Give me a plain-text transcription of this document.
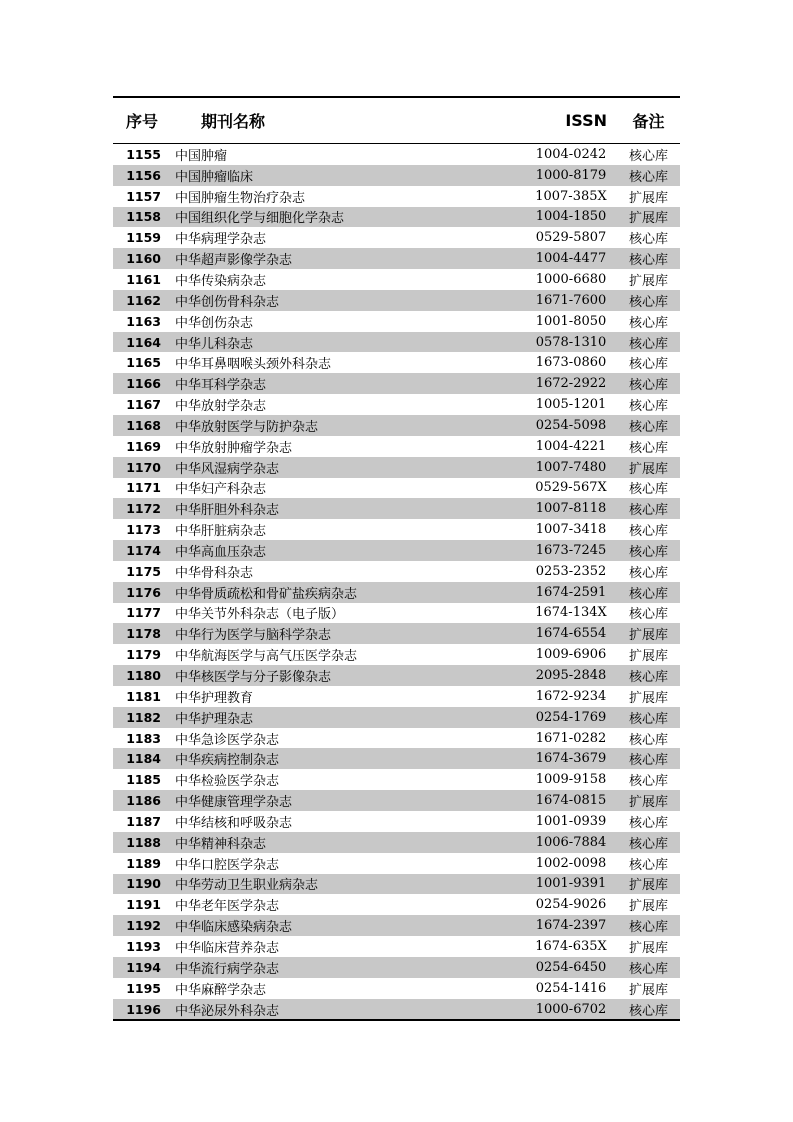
序号	期刊名称	ISSN	备注
1155	中国肿瘤	1004-0242	核心库
1156	中国肿瘤临床	1000-8179	核心库
1157	中国肿瘤生物治疗杂志	1007-385X	扩展库
1158	中国组织化学与细胞化学杂志	1004-1850	扩展库
1159	中华病理学杂志	0529-5807	核心库
1160	中华超声影像学杂志	1004-4477	核心库
1161	中华传染病杂志	1000-6680	扩展库
1162	中华创伤骨科杂志	1671-7600	核心库
1163	中华创伤杂志	1001-8050	核心库
1164	中华儿科杂志	0578-1310	核心库
1165	中华耳鼻咽喉头颈外科杂志	1673-0860	核心库
1166	中华耳科学杂志	1672-2922	核心库
1167	中华放射学杂志	1005-1201	核心库
1168	中华放射医学与防护杂志	0254-5098	核心库
1169	中华放射肿瘤学杂志	1004-4221	核心库
1170	中华风湿病学杂志	1007-7480	扩展库
1171	中华妇产科杂志	0529-567X	核心库
1172	中华肝胆外科杂志	1007-8118	核心库
1173	中华肝脏病杂志	1007-3418	核心库
1174	中华高血压杂志	1673-7245	核心库
1175	中华骨科杂志	0253-2352	核心库
1176	中华骨质疏松和骨矿盐疾病杂志	1674-2591	核心库
1177	中华关节外科杂志（电子版）	1674-134X	核心库
1178	中华行为医学与脑科学杂志	1674-6554	扩展库
1179	中华航海医学与高气压医学杂志	1009-6906	扩展库
1180	中华核医学与分子影像杂志	2095-2848	核心库
1181	中华护理教育	1672-9234	扩展库
1182	中华护理杂志	0254-1769	核心库
1183	中华急诊医学杂志	1671-0282	核心库
1184	中华疾病控制杂志	1674-3679	核心库
1185	中华检验医学杂志	1009-9158	核心库
1186	中华健康管理学杂志	1674-0815	扩展库
1187	中华结核和呼吸杂志	1001-0939	核心库
1188	中华精神科杂志	1006-7884	核心库
1189	中华口腔医学杂志	1002-0098	核心库
1190	中华劳动卫生职业病杂志	1001-9391	扩展库
1191	中华老年医学杂志	0254-9026	扩展库
1192	中华临床感染病杂志	1674-2397	核心库
1193	中华临床营养杂志	1674-635X	扩展库
1194	中华流行病学杂志	0254-6450	核心库
1195	中华麻醉学杂志	0254-1416	扩展库
1196	中华泌尿外科杂志	1000-6702	核心库
